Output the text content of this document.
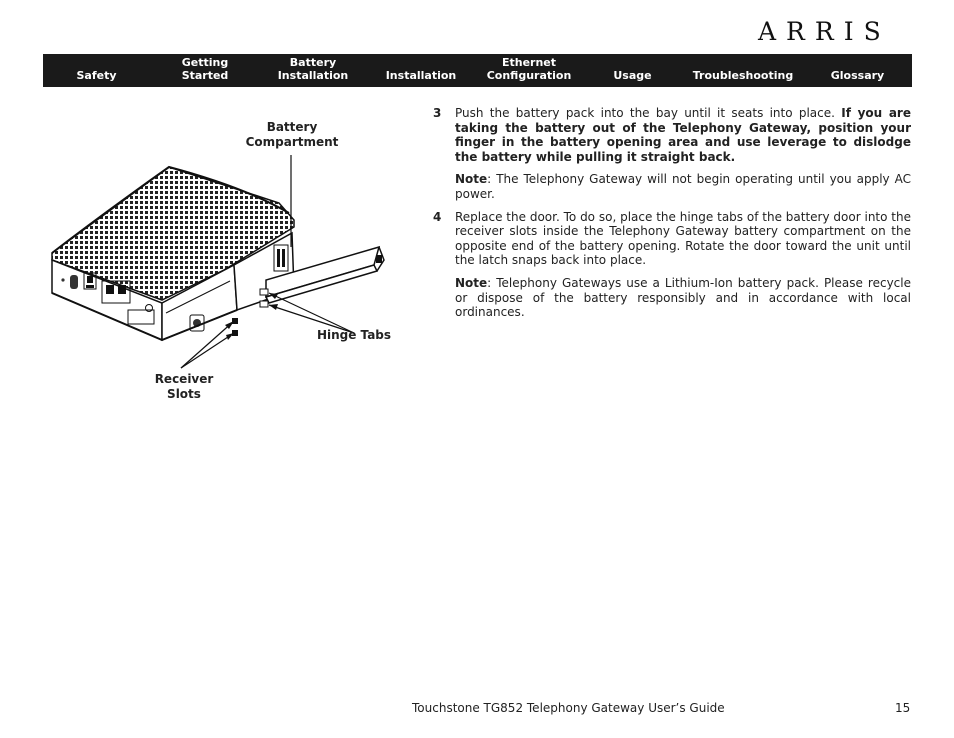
ARRIS
Safety
Getting
Started
Battery
Installation	Installation
Ethernet
Configuration	Usage	Troubleshooting	Glossary
Battery
Compartment
Hinge Tabs
Receiver
Slots
3	Push the battery pack into the bay until it seats into place. If you are taking the battery out of the Telephony Gateway, position your finger in the battery opening area and use leverage to dislodge the battery while pulling it straight back.
Note: The Telephony Gateway will not begin operating until you apply AC power.
4	Replace the door. To do so, place the hinge tabs of the battery door into the receiver slots inside the Telephony Gateway battery compartment on the opposite end of the battery opening. Rotate the door toward the unit until the latch snaps back into place.
Note: Telephony Gateways use a Lithium-Ion battery pack. Please recycle or dispose of the battery responsibly and in accordance with local ordinances.
Touchstone TG852 Telephony Gateway User’s Guide	15
